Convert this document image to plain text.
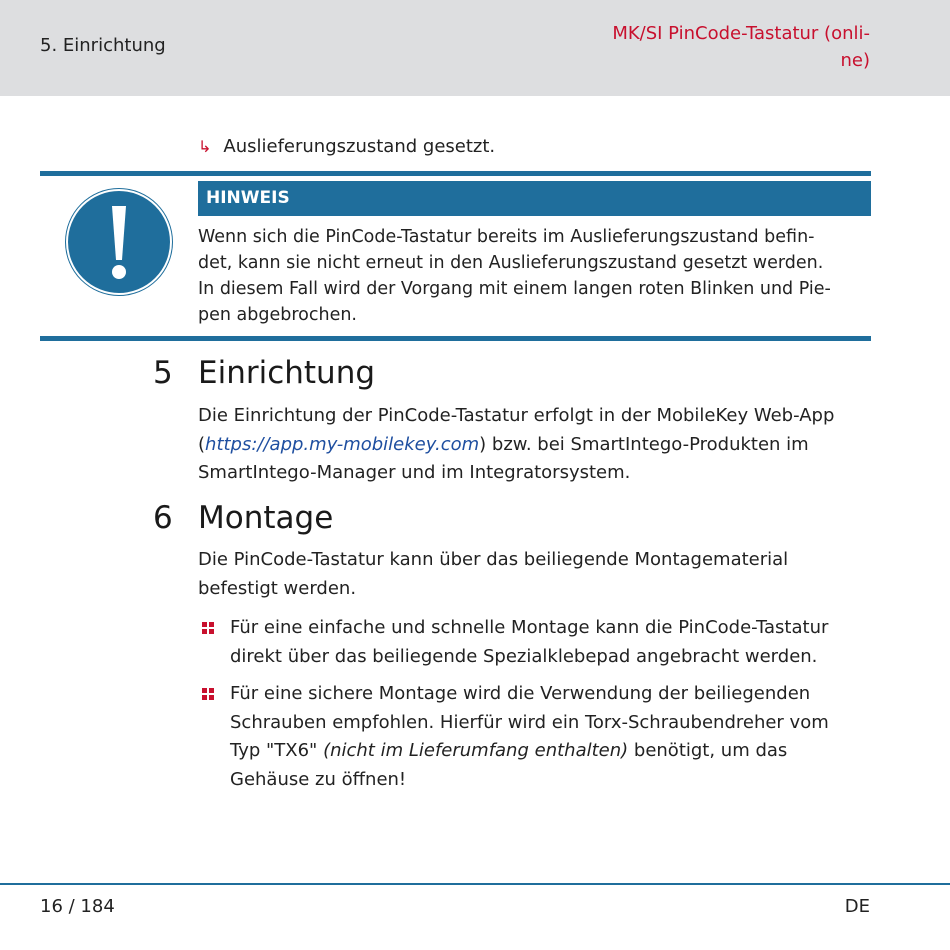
5. Einrichtung
MK/SI PinCode-Tastatur (onli-
ne)
↳ Auslieferungszustand gesetzt.
HINWEIS
Wenn sich die PinCode-Tastatur bereits im Auslieferungszustand befin-
det, kann sie nicht erneut in den Auslieferungszustand gesetzt werden.
In diesem Fall wird der Vorgang mit einem langen roten Blinken und Pie-
pen abgebrochen.
5 Einrichtung
Die Einrichtung der PinCode-Tastatur erfolgt in der MobileKey Web-App
(https://app.my-mobilekey.com) bzw. bei SmartIntego-Produkten im
SmartIntego-Manager und im Integratorsystem.
6 Montage
Die PinCode-Tastatur kann über das beiliegende Montagematerial
befestigt werden.
Für eine einfache und schnelle Montage kann die PinCode-Tastatur
direkt über das beiliegende Spezialklebepad angebracht werden.
Für eine sichere Montage wird die Verwendung der beiliegenden
Schrauben empfohlen. Hierfür wird ein Torx-Schraubendreher vom
Typ "TX6" (nicht im Lieferumfang enthalten) benötigt, um das
Gehäuse zu öffnen!
16 / 184	DE
